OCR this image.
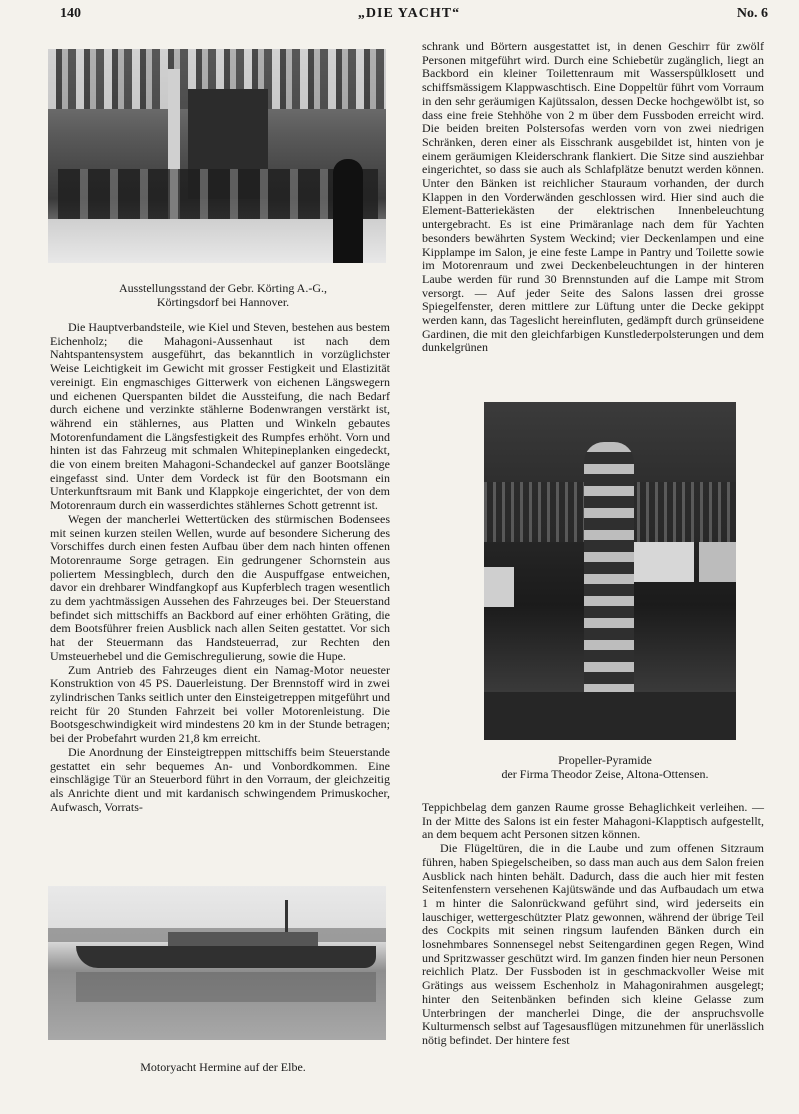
140	„DIE YACHT“	No. 6
Ausstellungsstand der Gebr. Körting A.-G.,
Körtingsdorf bei Hannover.

Die Hauptverbandsteile, wie Kiel und Steven, bestehen aus bestem Eichenholz; die Mahagoni-Aussenhaut ist nach dem Nahtspantensystem ausgeführt, das bekanntlich in vorzüglichster Weise Leichtigkeit im Gewicht mit grosser Festigkeit und Elastizität vereinigt. Ein engmaschiges Gitterwerk von eichenen Längswegern und eichenen Querspanten bildet die Aussteifung, die nach Bedarf durch eichene und verzinkte stählerne Bodenwrangen verstärkt ist, während ein stählernes, aus Platten und Winkeln gebautes Motorenfundament die Längsfestigkeit des Rumpfes erhöht. Vorn und hinten ist das Fahrzeug mit schmalen Whitepineplanken eingedeckt, die von einem breiten Mahagoni-Schandeckel auf ganzer Bootslänge eingefasst sind. Unter dem Vordeck ist für den Bootsmann ein Unterkunftsraum mit Bank und Klappkoje eingerichtet, der von dem Motorenraum durch ein wasserdichtes stählernes Schott getrennt ist.

Wegen der mancherlei Wettertücken des stürmischen Bodensees mit seinen kurzen steilen Wellen, wurde auf besondere Sicherung des Vorschiffes durch einen festen Aufbau über dem nach hinten offenen Motorenraume Sorge getragen. Ein gedrungener Schornstein aus poliertem Messingblech, durch den die Auspuffgase entweichen, davor ein drehbarer Windfangkopf aus Kupferblech tragen wesentlich zu dem yachtmässigen Aussehen des Fahrzeuges bei. Der Steuerstand befindet sich mittschiffs an Backbord auf einer erhöhten Gräting, die dem Bootsführer freien Ausblick nach allen Seiten gestattet. Vor sich hat der Steuermann das Handsteuerrad, zur Rechten den Umsteuerhebel und die Gemischregulierung, sowie die Hupe.

Zum Antrieb des Fahrzeuges dient ein Namag-Motor neuester Konstruktion von 45 PS. Dauerleistung. Der Brennstoff wird in zwei zylindrischen Tanks seitlich unter den Einsteigetreppen mitgeführt und reicht für 20 Stunden Fahrzeit bei voller Motorenleistung. Die Bootsgeschwindigkeit wird mindestens 20 km in der Stunde betragen; bei der Probefahrt wurden 21,8 km erreicht.

Die Anordnung der Einsteigtreppen mittschiffs beim Steuerstande gestattet ein sehr bequemes An- und Vonbordkommen. Eine einschlägige Tür an Steuerbord führt in den Vorraum, der gleichzeitig als Anrichte dient und mit kardanisch schwingendem Primuskocher, Aufwasch, Vorrats-

schrank und Börtern ausgestattet ist, in denen Geschirr für zwölf Personen mitgeführt wird. Durch eine Schiebetür zugänglich, liegt an Backbord ein kleiner Toilettenraum mit Wasserspülklosett und schiffsmässigem Klappwaschtisch. Eine Doppeltür führt vom Vorraum in den sehr geräumigen Kajütssalon, dessen Decke hochgewölbt ist, so dass eine freie Stehhöhe von 2 m über dem Fussboden erreicht wird. Die beiden breiten Polstersofas werden vorn von zwei niedrigen Schränken, deren einer als Eisschrank ausgebildet ist, hinten von je einem geräumigen Kleiderschrank flankiert. Die Sitze sind ausziehbar eingerichtet, so dass sie auch als Schlafplätze benutzt werden können. Unter den Bänken ist reichlicher Stauraum vorhanden, der durch Klappen in den Vorderwänden geschlossen wird. Hier sind auch die Element-Batteriekästen der elektrischen Innenbeleuchtung untergebracht. Es ist eine Primäranlage nach dem für Yachten besonders bewährten System Weckind; vier Deckenlampen und eine Kipplampe im Salon, je eine feste Lampe in Pantry und Toilette sowie im Motorenraum und zwei Deckenbeleuchtungen in der hinteren Laube werden für rund 30 Brennstunden auf die Lampe mit Strom versorgt. — Auf jeder Seite des Salons lassen drei grosse Spiegelfenster, deren mittlere zur Lüftung unter die Decke gekippt werden kann, das Tageslicht hereinfluten, gedämpft durch grünseidene Gardinen, die mit den gleichfarbigen Kunstlederpolsterungen und dem dunkelgrünen

Propeller-Pyramide
der Firma Theodor Zeise, Altona-Ottensen.

Teppichbelag dem ganzen Raume grosse Behaglichkeit verleihen. — In der Mitte des Salons ist ein fester Mahagoni-Klapptisch aufgestellt, an dem bequem acht Personen sitzen können.

Die Flügeltüren, die in die Laube und zum offenen Sitzraum führen, haben Spiegelscheiben, so dass man auch aus dem Salon freien Ausblick nach hinten behält. Dadurch, dass die auch hier mit festen Seitenfenstern versehenen Kajütswände und das Aufbaudach um etwa 1 m hinter die Salonrückwand geführt sind, wird jederseits ein lauschiger, wettergeschützter Platz gewonnen, während der übrige Teil des Cockpits mit seinen ringsum laufenden Bänken durch ein losnehmbares Sonnensegel nebst Seitengardinen gegen Regen, Wind und Spritzwasser geschützt wird. Im ganzen finden hier neun Personen reichlich Platz. Der Fussboden ist in geschmackvoller Weise mit Grätings aus weissem Eschenholz in Mahagonirahmen ausgelegt; hinter den Seitenbänken befinden sich kleine Gelasse zum Unterbringen der mancherlei Dinge, die der anspruchsvolle Kulturmensch selbst auf Tagesausflügen mitzunehmen für unerlässlich nötig befindet. Der hintere fest

Motoryacht Hermine auf der Elbe.
